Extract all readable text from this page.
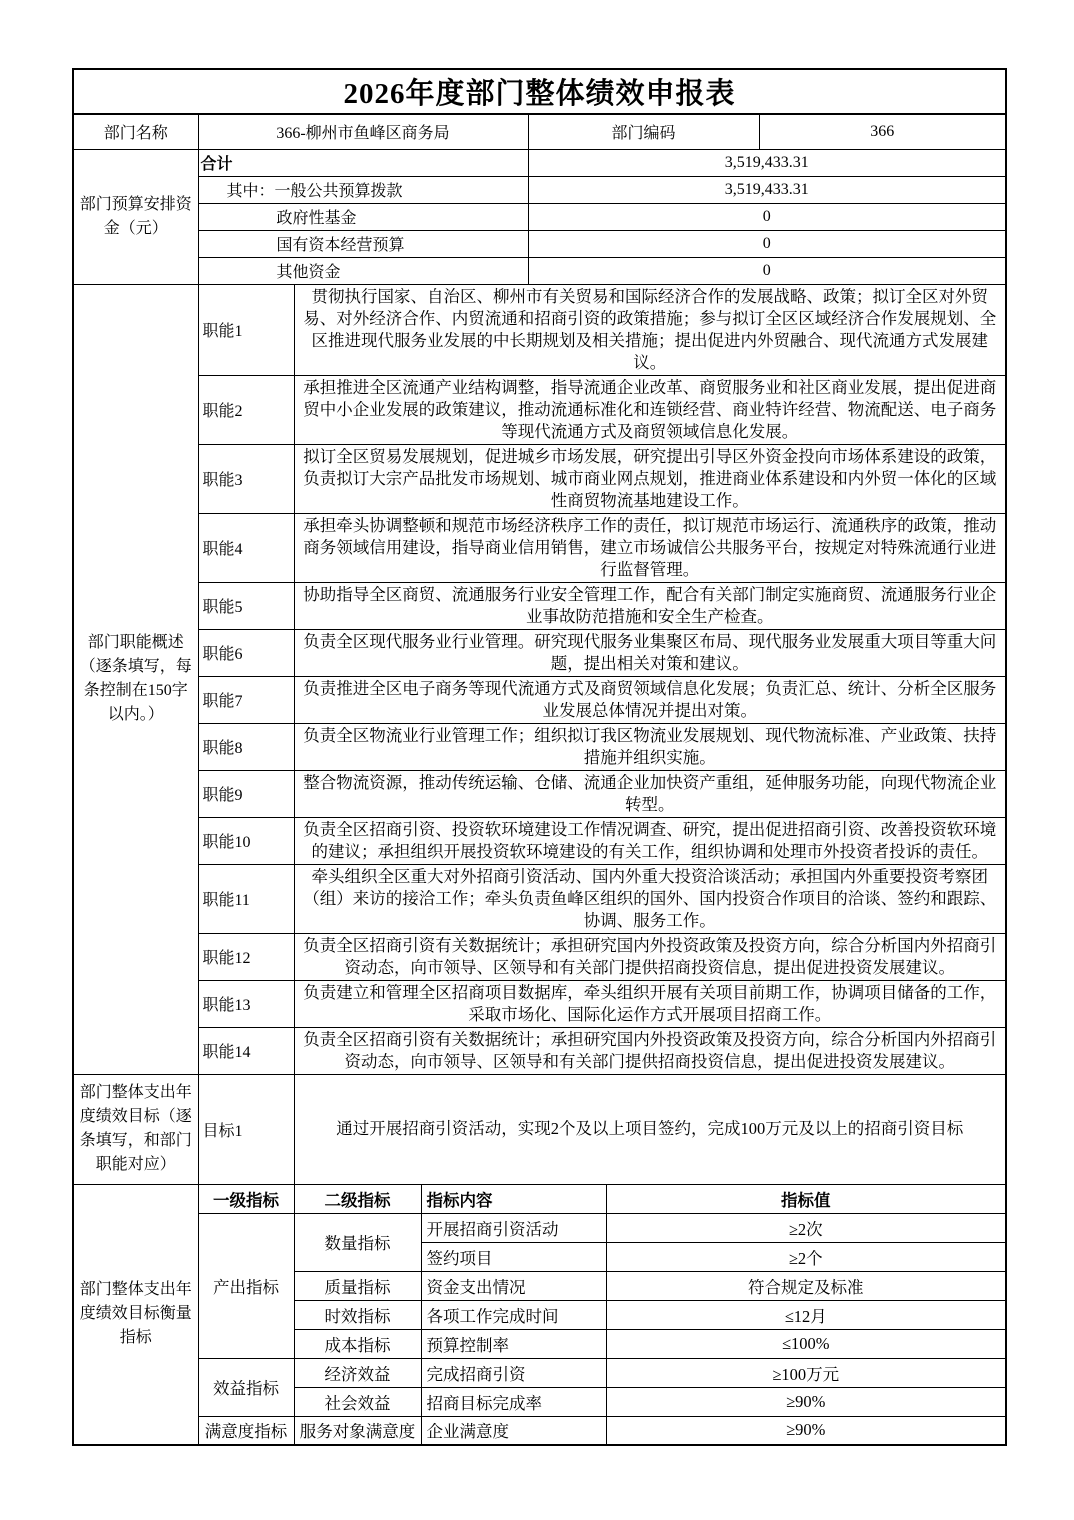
2026年度部门整体绩效申报表						
部门名称	366-柳州市鱼峰区商务局			部门编码		366
部门预算安排资金（元）	合计			3,519,433.31		
	其中：一般公共预算拨款			3,519,433.31		
	政府性基金			0		
	国有资本经营预算			0		
	其他资金			0		
部门职能概述（逐条填写，每条控制在150字以内。）	职能1	贯彻执行国家、自治区、柳州市有关贸易和国际经济合作的发展战略、政策；拟订全区对外贸易、对外经济合作、内贸流通和招商引资的政策措施；参与拟订全区区域经济合作发展规划、全区推进现代服务业发展的中长期规划及相关措施；提出促进内外贸融合、现代流通方式发展建议。				
	职能2	承担推进全区流通产业结构调整，指导流通企业改革、商贸服务业和社区商业发展，提出促进商贸中小企业发展的政策建议，推动流通标准化和连锁经营、商业特许经营、物流配送、电子商务等现代流通方式及商贸领域信息化发展。				
	职能3	拟订全区贸易发展规划，促进城乡市场发展，研究提出引导区外资金投向市场体系建设的政策，负责拟订大宗产品批发市场规划、城市商业网点规划，推进商业体系建设和内外贸一体化的区域性商贸物流基地建设工作。				
	职能4	承担牵头协调整顿和规范市场经济秩序工作的责任，拟订规范市场运行、流通秩序的政策，推动商务领域信用建设，指导商业信用销售，建立市场诚信公共服务平台，按规定对特殊流通行业进行监督管理。				
	职能5	协助指导全区商贸、流通服务行业安全管理工作，配合有关部门制定实施商贸、流通服务行业企业事故防范措施和安全生产检查。				
	职能6	负责全区现代服务业行业管理。研究现代服务业集聚区布局、现代服务业发展重大项目等重大问题，提出相关对策和建议。				
	职能7	负责推进全区电子商务等现代流通方式及商贸领域信息化发展；负责汇总、统计、分析全区服务业发展总体情况并提出对策。				
	职能8	负责全区物流业行业管理工作；组织拟订我区物流业发展规划、现代物流标准、产业政策、扶持措施并组织实施。				
	职能9	整合物流资源，推动传统运输、仓储、流通企业加快资产重组，延伸服务功能，向现代物流企业转型。				
	职能10	负责全区招商引资、投资软环境建设工作情况调查、研究，提出促进招商引资、改善投资软环境的建议；承担组织开展投资软环境建设的有关工作，组织协调和处理市外投资者投诉的责任。				
	职能11	牵头组织全区重大对外招商引资活动、国内外重大投资洽谈活动；承担国内外重要投资考察团（组）来访的接洽工作；牵头负责鱼峰区组织的国外、国内投资合作项目的洽谈、签约和跟踪、协调、服务工作。				
	职能12	负责全区招商引资有关数据统计；承担研究国内外投资政策及投资方向，综合分析国内外招商引资动态，向市领导、区领导和有关部门提供招商投资信息，提出促进投资发展建议。				
	职能13	负责建立和管理全区招商项目数据库，牵头组织开展有关项目前期工作，协调项目储备的工作，采取市场化、国际化运作方式开展项目招商工作。				
	职能14	负责全区招商引资有关数据统计；承担研究国内外投资政策及投资方向，综合分析国内外招商引资动态，向市领导、区领导和有关部门提供招商投资信息，提出促进投资发展建议。				
部门整体支出年度绩效目标（逐条填写，和部门职能对应）	目标1	通过开展招商引资活动，实现2个及以上项目签约，完成100万元及以上的招商引资目标				
部门整体支出年度绩效目标衡量指标	一级指标	二级指标	指标内容		指标值	
	产出指标	数量指标	开展招商引资活动		≥2次	
			签约项目		≥2个	
		质量指标	资金支出情况		符合规定及标准	
		时效指标	各项工作完成时间		≤12月	
		成本指标	预算控制率		≤100%	
	效益指标	经济效益	完成招商引资		≥100万元	
		社会效益	招商目标完成率		≥90%	
	满意度指标	服务对象满意度	企业满意度		≥90%	
